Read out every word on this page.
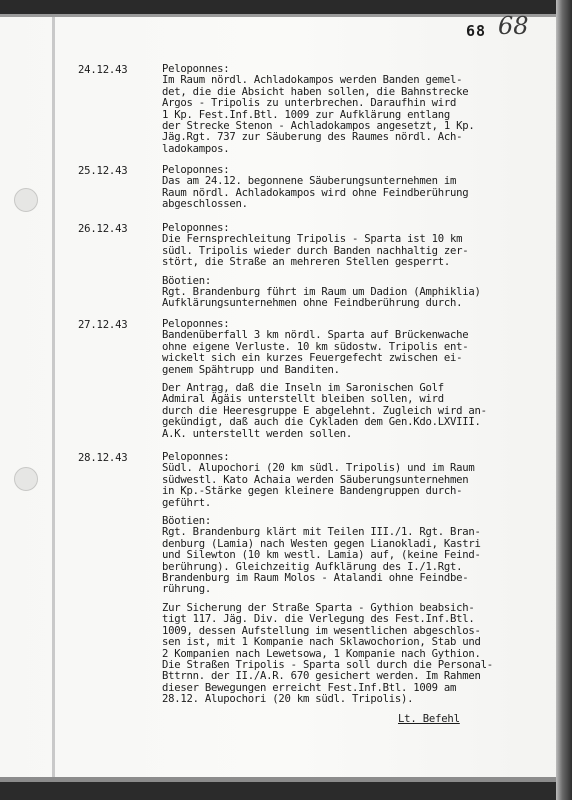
68 68
24.12.43	Peloponnes:
Im Raum nördl. Achladokampos werden Banden gemel-
det, die die Absicht haben sollen, die Bahnstrecke
Argos - Tripolis zu unterbrechen. Daraufhin wird
1 Kp. Fest.Inf.Btl. 1009 zur Aufklärung entlang
der Strecke Stenon - Achladokampos angesetzt, 1 Kp.
Jäg.Rgt. 737 zur Säuberung des Raumes nördl. Ach-
ladokampos.

25.12.43	Peloponnes:
Das am 24.12. begonnene Säuberungsunternehmen im
Raum nördl. Achladokampos wird ohne Feindberührung
abgeschlossen.

26.12.43	Peloponnes:
Die Fernsprechleitung Tripolis - Sparta ist 10 km
südl. Tripolis wieder durch Banden nachhaltig zer-
stört, die Straße an mehreren Stellen gesperrt.

Böotien:
Rgt. Brandenburg führt im Raum um Dadion (Amphiklia)
Aufklärungsunternehmen ohne Feindberührung durch.

27.12.43	Peloponnes:
Bandenüberfall 3 km nördl. Sparta auf Brückenwache
ohne eigene Verluste. 10 km südostw. Tripolis ent-
wickelt sich ein kurzes Feuergefecht zwischen ei-
genem Spähtrupp und Banditen.

Der Antrag, daß die Inseln im Saronischen Golf
Admiral Ägäis unterstellt bleiben sollen, wird
durch die Heeresgruppe E abgelehnt. Zugleich wird an-
gekündigt, daß auch die Cykladen dem Gen.Kdo.LXVIII.
A.K. unterstellt werden sollen.

28.12.43	Peloponnes:
Südl. Alupochori (20 km südl. Tripolis) und im Raum
südwestl. Kato Achaia werden Säuberungsunternehmen
in Kp.-Stärke gegen kleinere Bandengruppen durch-
geführt.

Böotien:
Rgt. Brandenburg klärt mit Teilen III./1. Rgt. Bran-
denburg (Lamia) nach Westen gegen Lianokladi, Kastri
und Silewton (10 km westl. Lamia) auf, (keine Feind-
berührung). Gleichzeitig Aufklärung des I./1.Rgt.
Brandenburg im Raum Molos - Atalandi ohne Feindbe-
rührung.

Zur Sicherung der Straße Sparta - Gythion beabsich-
tigt 117. Jäg. Div. die Verlegung des Fest.Inf.Btl.
1009, dessen Aufstellung im wesentlichen abgeschlos-
sen ist, mit 1 Kompanie nach Sklawochorion, Stab und
2 Kompanien nach Lewetsowa, 1 Kompanie nach Gythion.
Die Straßen Tripolis - Sparta soll durch die Personal-
Bttrnn. der II./A.R. 670 gesichert werden. Im Rahmen
dieser Bewegungen erreicht Fest.Inf.Btl. 1009 am
28.12. Alupochori (20 km südl. Tripolis).

Lt. Befehl
